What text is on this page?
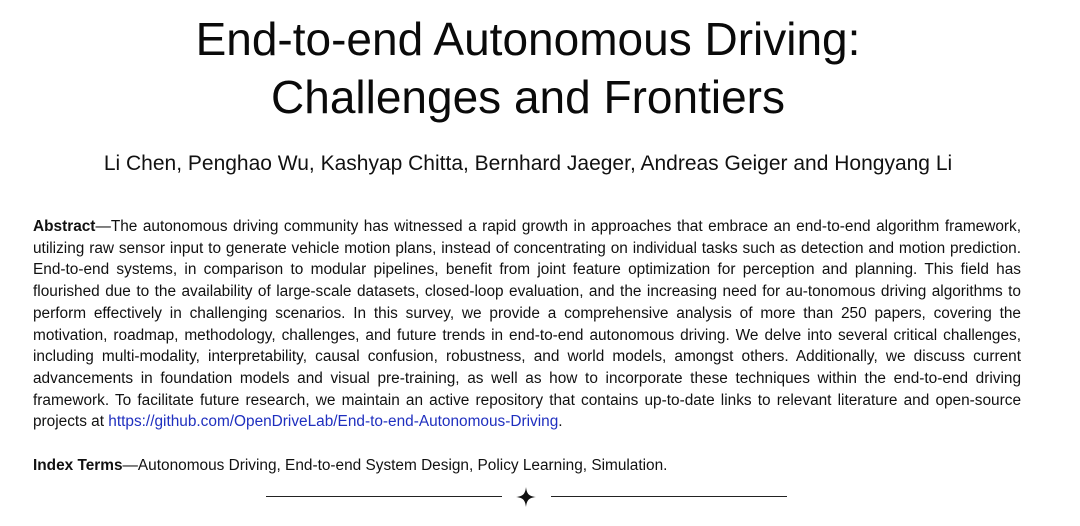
End-to-end Autonomous Driving:
Challenges and Frontiers

Li Chen, Penghao Wu, Kashyap Chitta, Bernhard Jaeger, Andreas Geiger and Hongyang Li

Abstract—The autonomous driving community has witnessed a rapid growth in approaches that embrace an end-to-end algorithm framework, utilizing raw sensor input to generate vehicle motion plans, instead of concentrating on individual tasks such as detection and motion prediction. End-to-end systems, in comparison to modular pipelines, benefit from joint feature optimization for perception and planning. This field has flourished due to the availability of large-scale datasets, closed-loop evaluation, and the increasing need for au-tonomous driving algorithms to perform effectively in challenging scenarios. In this survey, we provide a comprehensive analysis of more than 250 papers, covering the motivation, roadmap, methodology, challenges, and future trends in end-to-end autonomous driving. We delve into several critical challenges, including multi-modality, interpretability, causal confusion, robustness, and world models, amongst others. Additionally, we discuss current advancements in foundation models and visual pre-training, as well as how to incorporate these techniques within the end-to-end driving framework. To facilitate future research, we maintain an active repository that contains up-to-date links to relevant literature and open-source projects at https://github.com/OpenDriveLab/End-to-end-Autonomous-Driving.

Index Terms—Autonomous Driving, End-to-end System Design, Policy Learning, Simulation.
